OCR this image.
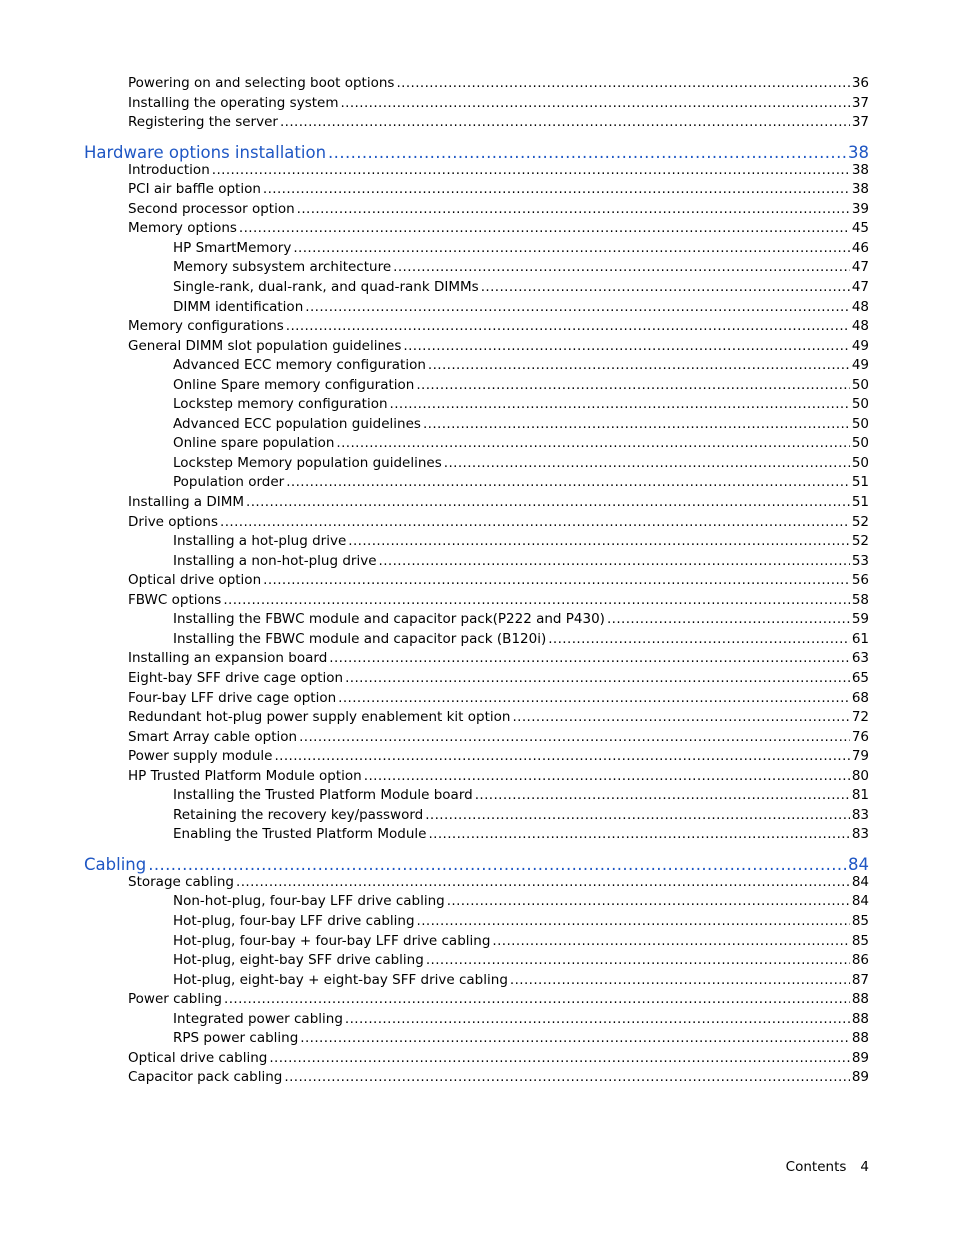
Powering on and selecting boot options .....	36
Installing the operating system .....	37
Registering the server .....	37
Hardware options installation .....	38
Introduction .....	38
PCI air baffle option .....	38
Second processor option .....	39
Memory options .....	45
HP SmartMemory .....	46
Memory subsystem architecture .....	47
Single-rank, dual-rank, and quad-rank DIMMs .....	47
DIMM identification .....	48
Memory configurations .....	48
General DIMM slot population guidelines .....	49
Advanced ECC memory configuration .....	49
Online Spare memory configuration .....	50
Lockstep memory configuration .....	50
Advanced ECC population guidelines .....	50
Online spare population .....	50
Lockstep Memory population guidelines .....	50
Population order .....	51
Installing a DIMM .....	51
Drive options .....	52
Installing a hot-plug drive .....	52
Installing a non-hot-plug drive .....	53
Optical drive option .....	56
FBWC options .....	58
Installing the FBWC module and capacitor pack(P222 and P430) .....	59
Installing the FBWC module and capacitor pack (B120i) .....	61
Installing an expansion board .....	63
Eight-bay SFF drive cage option .....	65
Four-bay LFF drive cage option .....	68
Redundant hot-plug power supply enablement kit option .....	72
Smart Array cable option .....	76
Power supply module .....	79
HP Trusted Platform Module option .....	80
Installing the Trusted Platform Module board .....	81
Retaining the recovery key/password .....	83
Enabling the Trusted Platform Module .....	83
Cabling .....	84
Storage cabling .....	84
Non-hot-plug, four-bay LFF drive cabling .....	84
Hot-plug, four-bay LFF drive cabling .....	85
Hot-plug, four-bay + four-bay LFF drive cabling .....	85
Hot-plug, eight-bay SFF drive cabling .....	86
Hot-plug, eight-bay + eight-bay SFF drive cabling .....	87
Power cabling .....	88
Integrated power cabling .....	88
RPS power cabling .....	88
Optical drive cabling .....	89
Capacitor pack cabling .....	89
Contents 4
